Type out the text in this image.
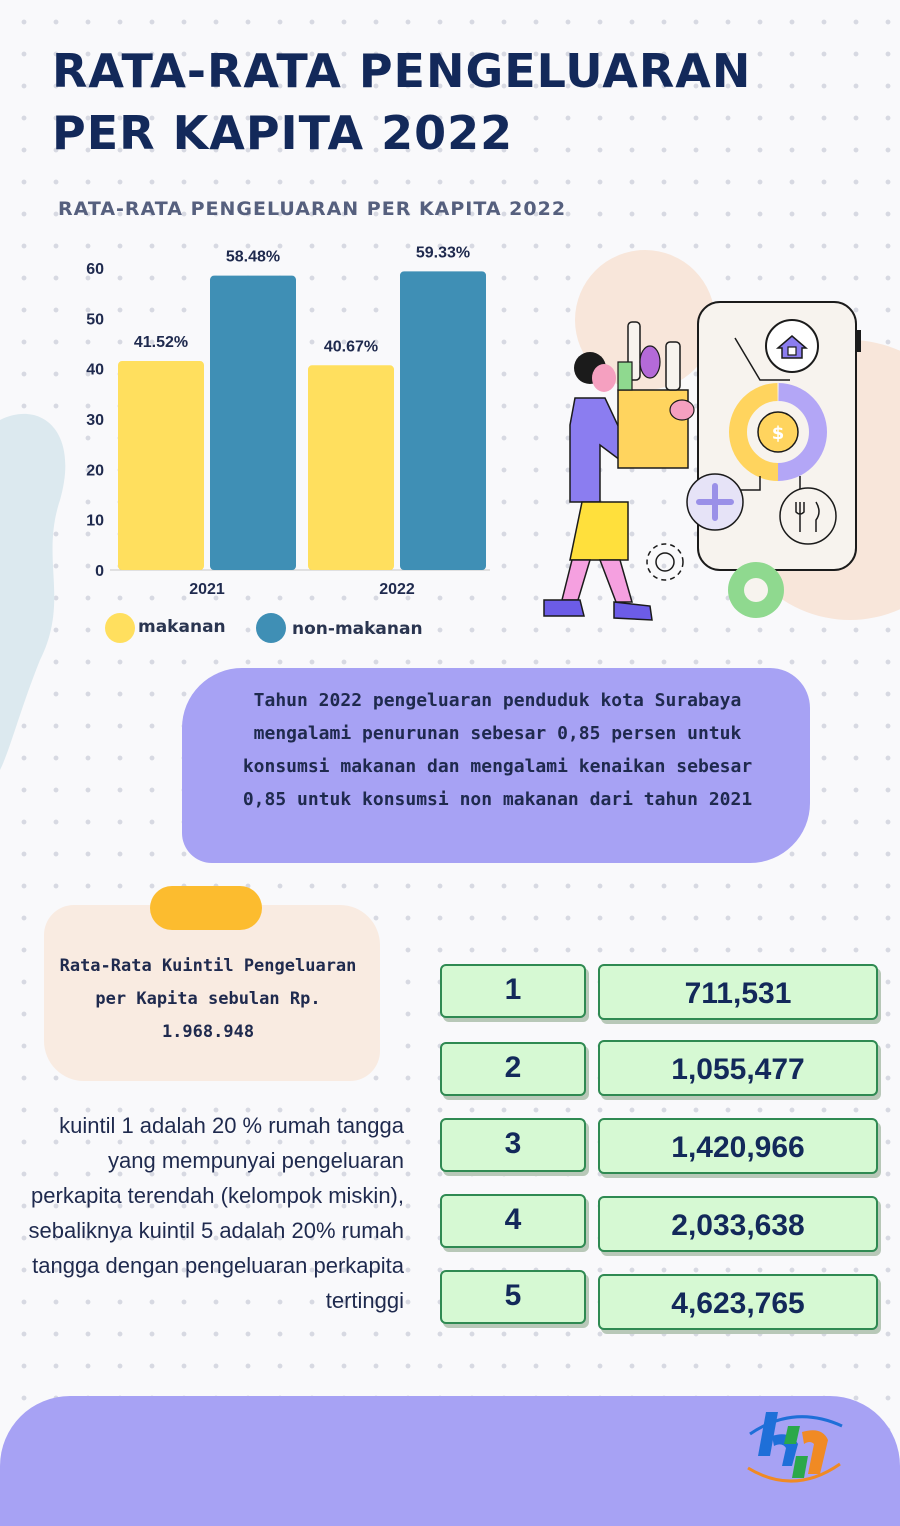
RATA-RATA PENGELUARAN
PER KAPITA 2022
RATA-RATA PENGELUARAN PER KAPITA 2022
0
10
20
30
40
50
60
41.52%
58.48%
2021
40.67%
59.33%
2022
makanan	non-makanan
$
Tahun 2022 pengeluaran penduduk kota Surabaya mengalami penurunan sebesar 0,85 persen untuk konsumsi makanan dan mengalami kenaikan sebesar 0,85 untuk konsumsi non makanan dari tahun 2021
Rata-Rata Kuintil Pengeluaran per Kapita sebulan Rp. 1.968.948
kuintil 1 adalah 20 % rumah tangga yang mempunyai pengeluaran perkapita terendah (kelompok miskin), sebaliknya kuintil 5 adalah 20% rumah tangga dengan pengeluaran perkapita tertinggi
1	711,531
2	1,055,477
3	1,420,966
4	2,033,638
5	4,623,765
